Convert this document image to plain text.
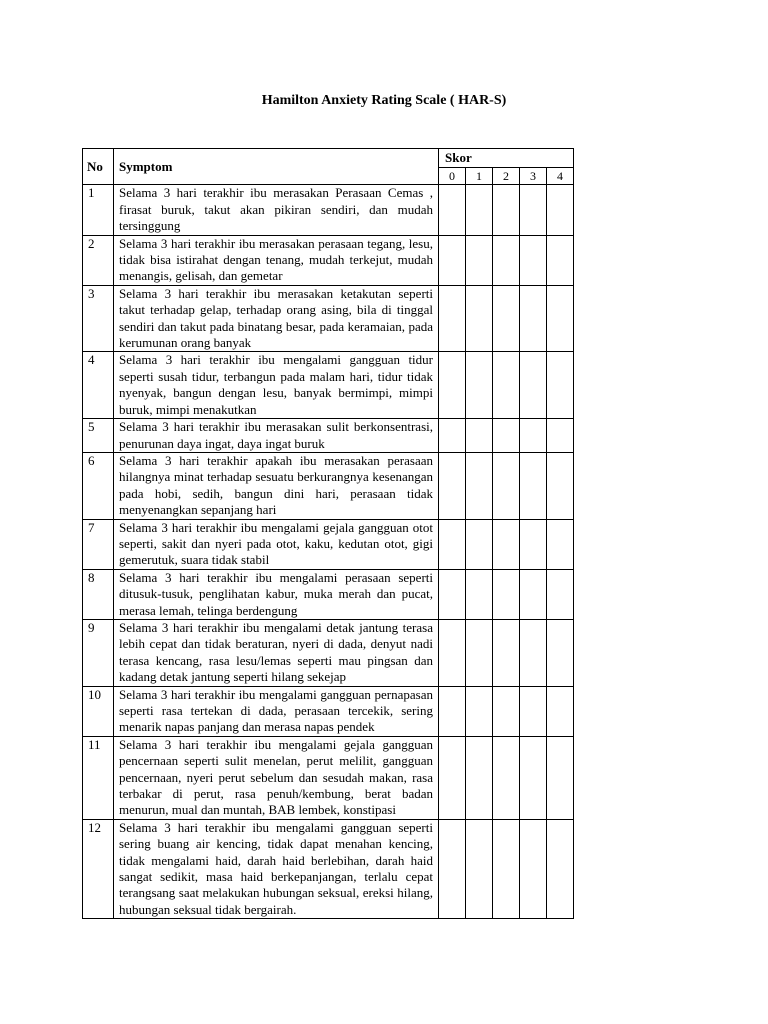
Hamilton Anxiety Rating Scale ( HAR-S)
No	Symptom	Skor				
		0	1	2	3	4
1	Selama 3 hari terakhir ibu merasakan Perasaan Cemas , firasat buruk, takut akan pikiran sendiri, dan mudah tersinggung					
2	Selama 3 hari terakhir ibu merasakan perasaan tegang, lesu, tidak bisa istirahat dengan tenang, mudah terkejut, mudah menangis, gelisah, dan gemetar					
3	Selama 3 hari terakhir ibu merasakan ketakutan seperti takut terhadap gelap, terhadap orang asing, bila di tinggal sendiri dan takut pada binatang besar, pada keramaian, pada kerumunan orang banyak					
4	Selama 3 hari terakhir ibu mengalami gangguan tidur seperti susah tidur, terbangun pada malam hari, tidur tidak nyenyak, bangun dengan lesu, banyak bermimpi, mimpi buruk, mimpi menakutkan					
5	Selama 3 hari terakhir ibu merasakan sulit berkonsentrasi, penurunan daya ingat, daya ingat buruk					
6	Selama 3 hari terakhir apakah ibu merasakan perasaan hilangnya minat terhadap sesuatu berkurangnya kesenangan pada hobi, sedih, bangun dini hari, perasaan tidak menyenangkan sepanjang hari					
7	Selama 3 hari terakhir ibu mengalami gejala gangguan otot seperti, sakit dan nyeri pada otot, kaku, kedutan otot, gigi gemerutuk, suara tidak stabil					
8	Selama 3 hari terakhir ibu mengalami perasaan seperti ditusuk-tusuk, penglihatan kabur, muka merah dan pucat, merasa lemah, telinga berdengung					
9	Selama 3 hari terakhir ibu mengalami detak jantung terasa lebih cepat dan tidak beraturan, nyeri di dada, denyut nadi terasa kencang, rasa lesu/lemas seperti mau pingsan dan kadang detak jantung seperti hilang sekejap					
10	Selama 3 hari terakhir ibu mengalami gangguan pernapasan seperti rasa tertekan di dada, perasaan tercekik, sering menarik napas panjang dan merasa napas pendek					
11	Selama 3 hari terakhir ibu mengalami gejala gangguan pencernaan seperti sulit menelan, perut melilit, gangguan pencernaan, nyeri perut sebelum dan sesudah makan, rasa terbakar di perut, rasa penuh/kembung, berat badan menurun, mual dan muntah, BAB lembek, konstipasi					
12	Selama 3 hari terakhir ibu mengalami gangguan seperti sering buang air kencing, tidak dapat menahan kencing, tidak mengalami haid, darah haid berlebihan, darah haid sangat sedikit, masa haid berkepanjangan, terlalu cepat terangsang saat melakukan hubungan seksual, ereksi hilang, hubungan seksual tidak bergairah.					
